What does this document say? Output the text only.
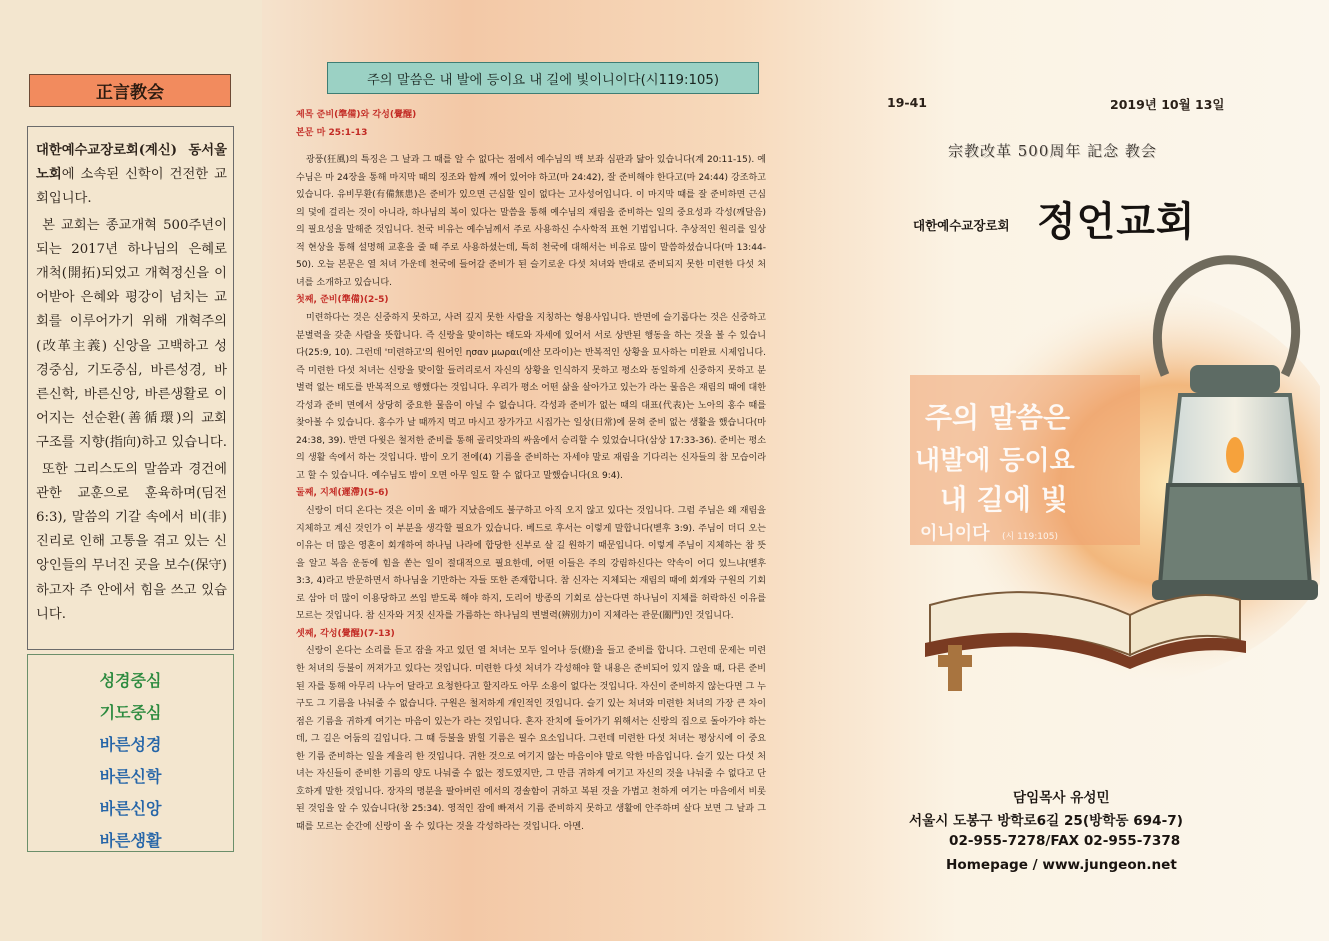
正言教会

대한예수교장로회(계신) 동서울 노회에 소속된 신학이 건전한 교회입니다.

본 교회는 종교개혁 500주년이 되는 2017년 하나님의 은혜로 개척(開拓)되었고 개혁정신을 이어받아 은혜와 평강이 넘치는 교회를 이루어가기 위해 개혁주의(改革主義) 신앙을 고백하고 성경중심, 기도중심, 바른성경, 바른신학, 바른신앙, 바른생활로 이어지는 선순환(善循環)의 교회 구조를 지향(指向)하고 있습니다.

또한 그리스도의 말씀과 경건에 관한 교훈으로 훈육하며(딤전 6:3), 말씀의 기갈 속에서 비(非) 진리로 인해 고통을 겪고 있는 신앙인들의 무너진 곳을 보수(保守)하고자 주 안에서 힘을 쓰고 있습니다.

성경중심
기도중심
바른성경
바른신학
바른신앙
바른생활
주의 말씀은 내 발에 등이요 내 길에 빛이니이다(시119:105)
제목 준비(準備)와 각성(覺醒)
본문 마 25:1-13

광풍(狂風)의 특징은 그 날과 그 때를 알 수 없다는 점에서 예수님의 백 보좌 심판과 닮아 있습니다(계 20:11-15). 예수님은 마 24장을 통해 마지막 때의 징조와 함께 깨어 있어야 하고(마 24:42), 잘 준비해야 한다고(마 24:44) 강조하고 있습니다. 유비무환(有備無患)은 준비가 있으면 근심할 일이 없다는 고사성어입니다. 이 마지막 때를 잘 준비하면 근심의 덫에 걸리는 것이 아니라, 하나님의 복이 있다는 말씀을 통해 예수님의 재림을 준비하는 일의 중요성과 각성(깨달음)의 필요성을 말해준 것입니다. 천국 비유는 예수님께서 주로 사용하신 수사학적 표현 기법입니다. 추상적인 원리를 일상적 현상을 통해 설명해 교훈을 줄 때 주로 사용하셨는데, 특히 천국에 대해서는 비유로 많이 말씀하셨습니다(마 13:44-50). 오늘 본문은 열 처녀 가운데 천국에 들어갈 준비가 된 슬기로운 다섯 처녀와 반대로 준비되지 못한 미련한 다섯 처녀를 소개하고 있습니다.

첫째, 준비(準備)(2-5)

미련하다는 것은 신중하지 못하고, 사려 깊지 못한 사람을 지칭하는 형용사입니다. 반면에 슬기롭다는 것은 신중하고 분별력을 갖춘 사람을 뜻합니다. 즉 신랑을 맞이하는 태도와 자세에 있어서 서로 상반된 행동을 하는 것을 볼 수 있습니다(25:9, 10). 그런데 '미련하고'의 원어인 ησαν μωραι(에산 모라이)는 반복적인 상황을 묘사하는 미완료 시제입니다. 즉 미련한 다섯 처녀는 신랑을 맞이할 들러리로서 자신의 상황을 인식하지 못하고 평소와 동일하게 신중하지 못하고 분별력 없는 태도를 반복적으로 행했다는 것입니다. 우리가 평소 어떤 삶을 살아가고 있는가 라는 물음은 재림의 때에 대한 각성과 준비 면에서 상당히 중요한 물음이 아닐 수 없습니다. 각성과 준비가 없는 때의 대표(代表)는 노아의 홍수 때를 찾아볼 수 있습니다. 홍수가 날 때까지 먹고 마시고 장가가고 시집가는 일상(日常)에 묻혀 준비 없는 생활을 했습니다(마 24:38, 39). 반면 다윗은 철저한 준비를 통해 골리앗과의 싸움에서 승리할 수 있었습니다(삼상 17:33-36). 준비는 평소의 생활 속에서 하는 것입니다. 밤이 오기 전에(4) 기름을 준비하는 자세야 말로 재림을 기다리는 신자들의 참 모습이라고 할 수 있습니다. 예수님도 밤이 오면 아무 일도 할 수 없다고 말했습니다(요 9:4).

둘째, 지체(遲滯)(5-6)

신랑이 더디 온다는 것은 이미 올 때가 지났음에도 불구하고 아직 오지 않고 있다는 것입니다. 그럼 주님은 왜 재림을 지체하고 계신 것인가 이 부분을 생각할 필요가 있습니다. 베드로 후서는 이렇게 말합니다(벧후 3:9). 주님이 더디 오는 이유는 더 많은 영혼이 회개하여 하나님 나라에 합당한 신부로 살 길 원하기 때문입니다. 이렇게 주님이 지체하는 참 뜻을 알고 복음 운동에 힘을 쏟는 일이 절대적으로 필요한데, 어떤 이들은 주의 강림하신다는 약속이 어디 있느냐(벧후 3:3, 4)라고 반문하면서 하나님을 기만하는 자들 또한 존재합니다. 참 신자는 지체되는 재림의 때에 회개와 구원의 기회로 삼아 더 많이 이용당하고 쓰임 받도록 해야 하지, 도리어 방종의 기회로 삼는다면 하나님이 지체를 허락하신 이유를 모르는 것입니다. 참 신자와 거짓 신자를 가름하는 하나님의 변별력(辨別力)이 지체라는 관문(關門)인 것입니다.

셋째, 각성(覺醒)(7-13)

신랑이 온다는 소리를 듣고 잠을 자고 있던 열 처녀는 모두 일어나 등(燈)을 들고 준비를 합니다. 그런데 문제는 미련한 처녀의 등불이 꺼져가고 있다는 것입니다. 미련한 다섯 처녀가 각성해야 할 내용은 준비되어 있지 않을 때, 다른 준비된 자를 통해 아무리 나누어 달라고 요청한다고 할지라도 아무 소용이 없다는 것입니다. 자신이 준비하지 않는다면 그 누구도 그 기름을 나눠줄 수 없습니다. 구원은 철저하게 개인적인 것입니다. 슬기 있는 처녀와 미련한 처녀의 가장 큰 차이점은 기름을 귀하게 여기는 마음이 있는가 라는 것입니다. 혼자 잔치에 들어가기 위해서는 신랑의 집으로 돌아가야 하는데, 그 길은 어둠의 길입니다. 그 때 등불을 밝힐 기름은 필수 요소입니다. 그런데 미련한 다섯 처녀는 평상시에 이 중요한 기름 준비하는 일을 게을리 한 것입니다. 귀한 것으로 여기지 않는 마음이야 말로 악한 마음입니다. 슬기 있는 다섯 처녀는 자신들이 준비한 기름의 양도 나눠줄 수 없는 정도였지만, 그 만큼 귀하게 여기고 자신의 것을 나눠줄 수 없다고 단호하게 말한 것입니다. 장자의 명분을 팔아버린 에서의 경솔함이 귀하고 복된 것을 가볍고 천하게 여기는 마음에서 비롯된 것임을 알 수 있습니다(창 25:34). 영적인 잠에 빠져서 기름 준비하지 못하고 생활에 안주하며 살다 보면 그 날과 그 때를 모르는 순간에 신랑이 올 수 있다는 것을 각성하라는 것입니다. 아멘.

19-41	2019년 10월 13일
宗教改革 500周年 記念 教会
대한예수교장로회 정언교회
주의 말씀은
내발에 등이요
내 길에 빛
이니이다 (시 119:105)
담임목사 유성민
서울시 도봉구 방학로6길 25(방학동 694-7)
02-955-7278/FAX 02-955-7378
Homepage / www.jungeon.net
